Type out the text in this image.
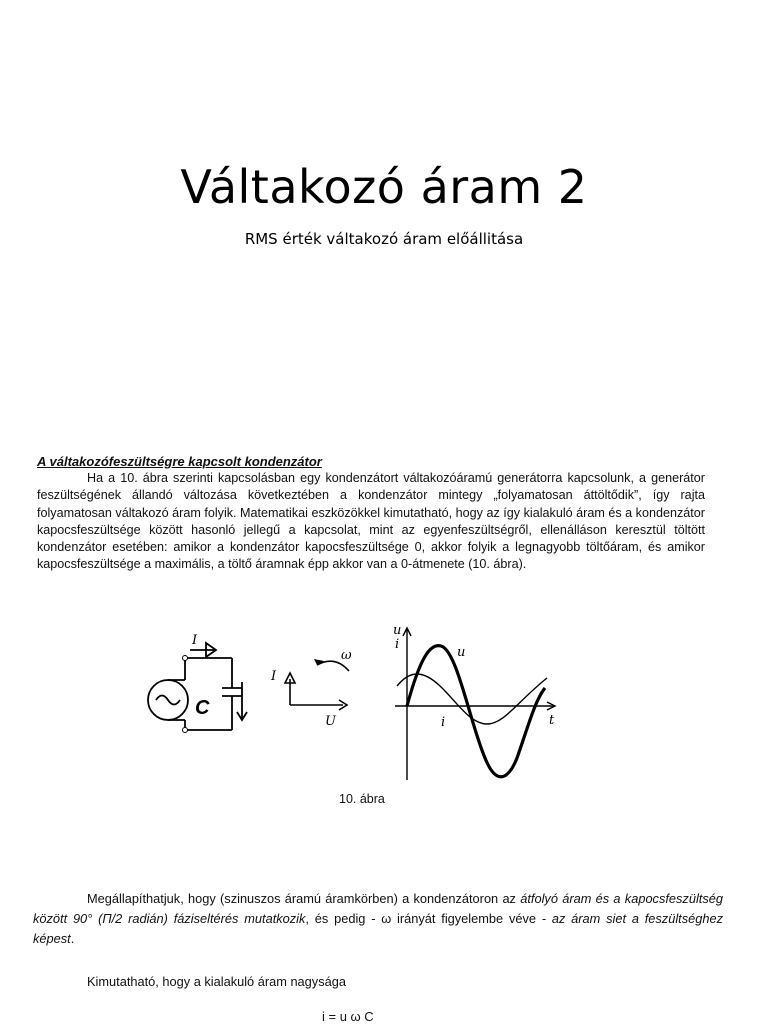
Váltakozó áram 2
RMS érték váltakozó áram előállitása
A váltakozófeszültségre kapcsolt kondenzátor
Ha a 10. ábra szerinti kapcsolásban egy kondenzátort váltakozóáramú generátorra kapcsolunk, a generátor feszültségének állandó változása következtében a kondenzátor mintegy „folyamatosan áttöltődik”, így rajta folyamatosan váltakozó áram folyik. Matematikai eszközökkel kimutatható, hogy az így kialakuló áram és a kondenzátor kapocsfeszültsége között hasonló jellegű a kapcsolat, mint az egyenfeszültségről, ellenálláson keresztül töltött kondenzátor esetében: amikor a kondenzátor kapocsfeszültsége 0, akkor folyik a legnagyobb töltőáram, és amikor kapocsfeszültsége a maximális, a töltő áramnak épp akkor van a 0-átmenete (10. ábra).
I
C
I
U
ω
u
i
u
i	t
10. ábra
Megállapíthatjuk, hogy (szinuszos áramú áramkörben) a kondenzátoron az átfolyó áram és a kapocsfeszültség között 90° (Π/2 radián) fáziseltérés mutatkozik, és pedig - ω irányát figyelembe véve - az áram siet a feszültséghez képest.
Kimutatható, hogy a kialakuló áram nagysága
i = u ω C
